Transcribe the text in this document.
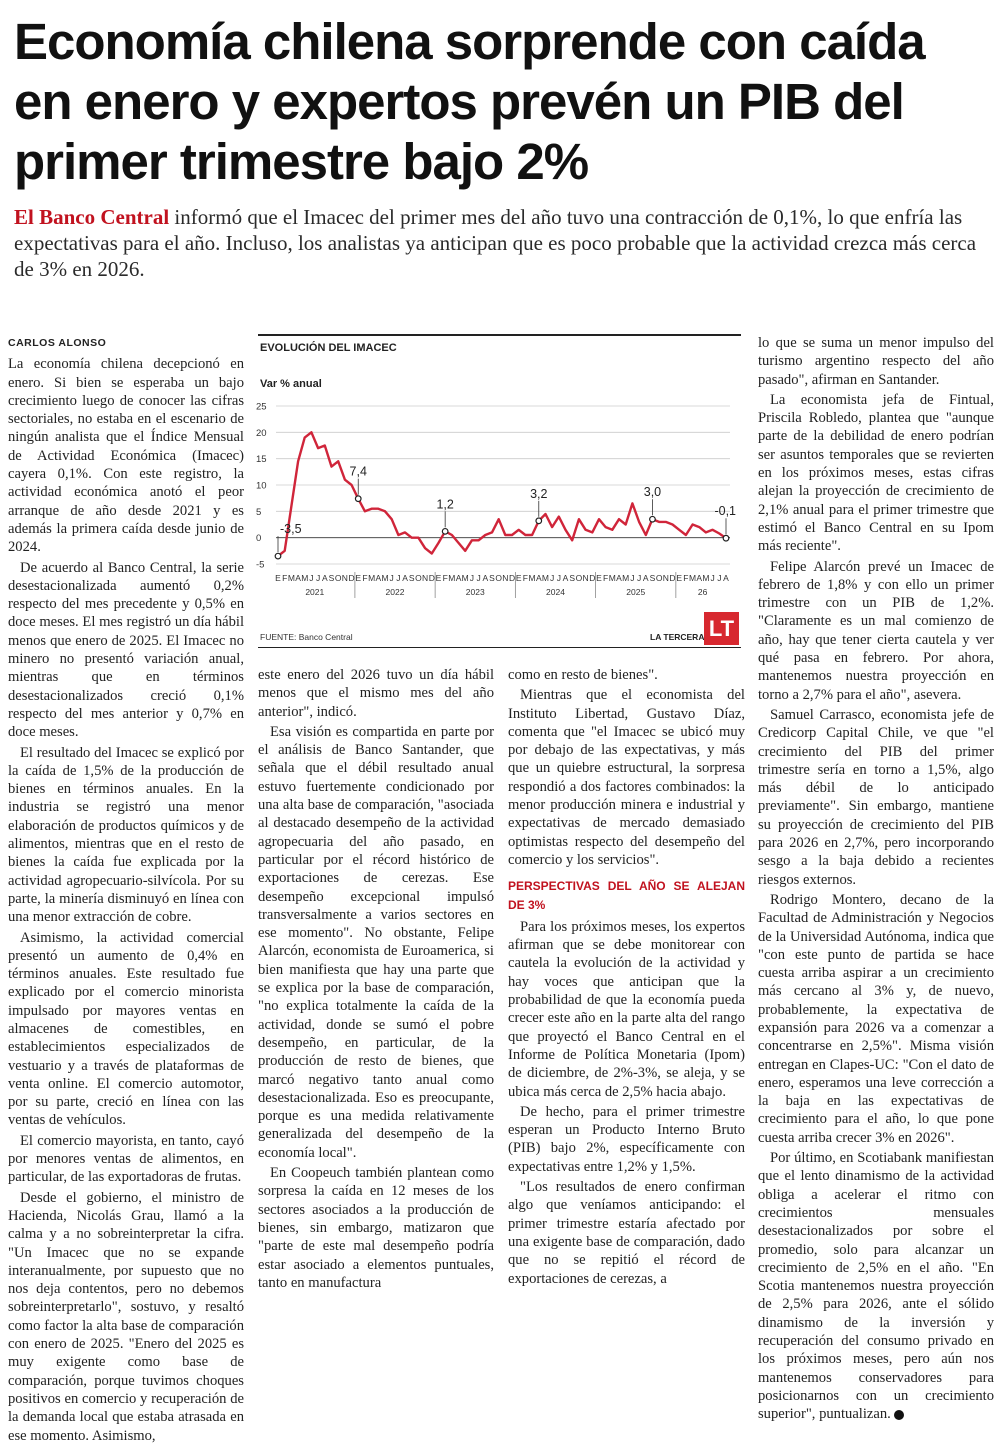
Economía chilena sorprende con caída en enero y expertos prevén un PIB del primer trimestre bajo 2%
El Banco Central informó que el Imacec del primer mes del año tuvo una contracción de 0,1%, lo que enfría las expectativas para el año. Incluso, los analistas ya anticipan que es poco probable que la actividad crezca más cerca de 3% en 2026.
CARLOS ALONSO

La economía chilena decepcionó en enero. Si bien se esperaba un bajo crecimiento luego de conocer las cifras sectoriales, no estaba en el escenario de ningún analista que el Índice Mensual de Actividad Económica (Imacec) cayera 0,1%. Con este registro, la actividad económica anotó el peor arranque de año desde 2021 y es además la primera caída desde junio de 2024.

De acuerdo al Banco Central, la serie desestacionalizada aumentó 0,2% respecto del mes precedente y 0,5% en doce meses. El mes registró un día hábil menos que enero de 2025. El Imacec no minero no presentó variación anual, mientras que en términos desestacionalizados creció 0,1% respecto del mes anterior y 0,7% en doce meses.

El resultado del Imacec se explicó por la caída de 1,5% de la producción de bienes en términos anuales. En la industria se registró una menor elaboración de productos químicos y de alimentos, mientras que en el resto de bienes la caída fue explicada por la actividad agropecuario-silvícola. Por su parte, la minería disminuyó en línea con una menor extracción de cobre.

Asimismo, la actividad comercial presentó un aumento de 0,4% en términos anuales. Este resultado fue explicado por el comercio minorista impulsado por mayores ventas en almacenes de comestibles, en establecimientos especializados de vestuario y a través de plataformas de venta online. El comercio automotor, por su parte, creció en línea con las ventas de vehículos.

El comercio mayorista, en tanto, cayó por menores ventas de alimentos, en particular, de las exportadoras de frutas.

Desde el gobierno, el ministro de Hacienda, Nicolás Grau, llamó a la calma y a no sobreinterpretar la cifra. "Un Imacec que no se expande interanualmente, por supuesto que no nos deja contentos, pero no debemos sobreinterpretarlo", sostuvo, y resaltó como factor la alta base de comparación con enero de 2025. "Enero del 2025 es muy exigente como base de comparación, porque tuvimos choques positivos en comercio y recuperación de la demanda local que estaba atrasada en ese momento. Asimismo,

EVOLUCIÓN DEL IMACEC
Var % anual
-5
0
5
10
15
20
25
E F M A M J J A S O N D E F M A M J J A S O N D E F M A M J J A S O N D E F M A M J J A S O N D E F M A M J J A S O N D E F M A M J J A
2021	2022	2023	2024	2025	26
-3,5
7,4
1,2
3,2	3,0
-0,1
FUENTE: Banco Central	LA TERCERA LT

este enero del 2026 tuvo un día hábil menos que el mismo mes del año anterior", indicó.

Esa visión es compartida en parte por el análisis de Banco Santander, que señala que el débil resultado anual estuvo fuertemente condicionado por una alta base de comparación, "asociada al destacado desempeño de la actividad agropecuaria del año pasado, en particular por el récord histórico de exportaciones de cerezas. Ese desempeño excepcional impulsó transversalmente a varios sectores en ese momento". No obstante, Felipe Alarcón, economista de Euroamerica, si bien manifiesta que hay una parte que se explica por la base de comparación, "no explica totalmente la caída de la actividad, donde se sumó el pobre desempeño, en particular, de la producción de resto de bienes, que marcó negativo tanto anual como desestacionalizada. Eso es preocupante, porque es una medida relativamente generalizada del desempeño de la economía local".

En Coopeuch también plantean como sorpresa la caída en 12 meses de los sectores asociados a la producción de bienes, sin embargo, matizaron que "parte de este mal desempeño podría estar asociado a elementos puntuales, tanto en manufactura

como en resto de bienes".

Mientras que el economista del Instituto Libertad, Gustavo Díaz, comenta que "el Imacec se ubicó muy por debajo de las expectativas, y más que un quiebre estructural, la sorpresa respondió a dos factores combinados: la menor producción minera e industrial y expectativas de mercado demasiado optimistas respecto del desempeño del comercio y los servicios".

PERSPECTIVAS DEL AÑO SE ALEJAN DE 3%

Para los próximos meses, los expertos afirman que se debe monitorear con cautela la evolución de la actividad y hay voces que anticipan que la probabilidad de que la economía pueda crecer este año en la parte alta del rango que proyectó el Banco Central en el Informe de Política Monetaria (Ipom) de diciembre, de 2%-3%, se aleja, y se ubica más cerca de 2,5% hacia abajo.

De hecho, para el primer trimestre esperan un Producto Interno Bruto (PIB) bajo 2%, específicamente con expectativas entre 1,2% y 1,5%.

"Los resultados de enero confirman algo que veníamos anticipando: el primer trimestre estaría afectado por una exigente base de comparación, dado que no se repitió el récord de exportaciones de cerezas, a

lo que se suma un menor impulso del turismo argentino respecto del año pasado", afirman en Santander.

La economista jefa de Fintual, Priscila Robledo, plantea que "aunque parte de la debilidad de enero podrían ser asuntos temporales que se revierten en los próximos meses, estas cifras alejan la proyección de crecimiento de 2,1% anual para el primer trimestre que estimó el Banco Central en su Ipom más reciente".

Felipe Alarcón prevé un Imacec de febrero de 1,8% y con ello un primer trimestre con un PIB de 1,2%. "Claramente es un mal comienzo de año, hay que tener cierta cautela y ver qué pasa en febrero. Por ahora, mantenemos nuestra proyección en torno a 2,7% para el año", asevera.

Samuel Carrasco, economista jefe de Credicorp Capital Chile, ve que "el crecimiento del PIB del primer trimestre sería en torno a 1,5%, algo más débil de lo anticipado previamente". Sin embargo, mantiene su proyección de crecimiento del PIB para 2026 en 2,7%, pero incorporando sesgo a la baja debido a recientes riesgos externos.

Rodrigo Montero, decano de la Facultad de Administración y Negocios de la Universidad Autónoma, indica que "con este punto de partida se hace cuesta arriba aspirar a un crecimiento más cercano al 3% y, de nuevo, probablemente, la expectativa de expansión para 2026 va a comenzar a concentrarse en 2,5%". Misma visión entregan en Clapes-UC: "Con el dato de enero, esperamos una leve corrección a la baja en las expectativas de crecimiento para el año, lo que pone cuesta arriba crecer 3% en 2026".

Por último, en Scotiabank manifiestan que el lento dinamismo de la actividad obliga a acelerar el ritmo con crecimientos mensuales desestacionalizados por sobre el promedio, solo para alcanzar un crecimiento de 2,5% en el año. "En Scotia mantenemos nuestra proyección de 2,5% para 2026, ante el sólido dinamismo de la inversión y recuperación del consumo privado en los próximos meses, pero aún nos mantenemos conservadores para posicionarnos con un crecimiento superior", puntualizan. P
